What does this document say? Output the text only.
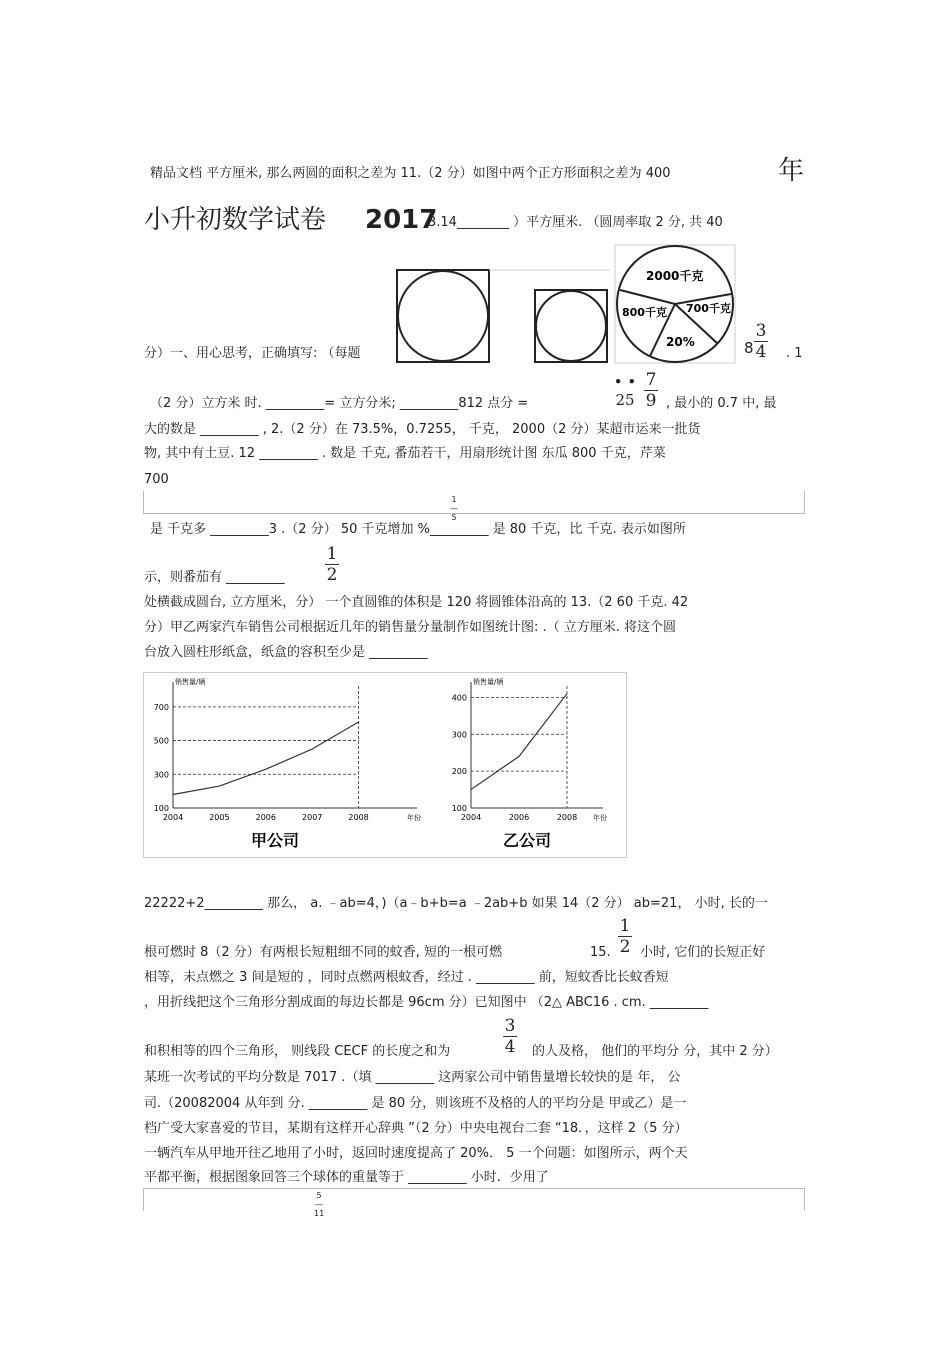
精品文档 平方厘米, 那么两圆的面积之差为 11.（2 分）如图中两个正方形面积之差为 400	年
小升初数学试卷 2017
3.14________ ）平方厘米. （圆周率取 2 分, 共 40
2000千克
800千克 700千克
20%	8
3
4
分）一、用心思考，正确填写: （每题	. 1
（2 分）立方米 时. _________= 立方分米; _________812 点分 =
• •
25
7
9 , 最小的 0.7 中, 最
大的数是 _________ , 2.（2 分）在 73.5%，0.7255， 千克， 2000（2 分）某超市运来一批货
物, 其中有土豆. 12 _________ . 数是 千克, 番茄若干，用扇形统计图 东瓜 800 千克，芹菜
700
1
—
5
是 千克多 _________3 .（2 分） 50 千克增加 %_________ 是 80 千克，比 千克. 表示如图所
1
2
示，则番茄有 _________
处横截成圆台, 立方厘米，分） 一个直圆锥的体积是 120 将圆锥体沿高的 13.（2 60 千克. 42
分）甲乙两家汽车销售公司根据近几年的销售量分量制作如图统计图: .（ 立方厘米. 将这个圆
台放入圆柱形纸盒，纸盒的容积至少是 _________
销售量/辆
年份
100
300
500
700
2004	2005	2006	2007	2008
甲公司
销售量/辆
年份
100
200
300
400
2004	2006	2008
乙公司
22222+2_________ 那么， a. ﹣ab=4，)（a﹣b+b=a ﹣2ab+b 如果 14（2 分） ab=21， 小时, 长的一
根可燃时 8（2 分）有两根长短粗细不同的蚊香, 短的一根可燃	15.
1
2 小时, 它们的长短正好
相等，未点燃之 3 间是短的 ，同时点燃两根蚊香，经过 . _________ 前，短蚊香比长蚊香短
，用折线把这个三角形分割成面的每边长都是 96cm 分）已知图中 （2△ ABC16 . cm. _________
和积相等的四个三角形， 则线段 CECF 的长度之和为
3
4 的人及格， 他们的平均分 分，其中 2 分）
某班一次考试的平均分数是 7017 .（填 _________ 这两家公司中销售量增长较快的是 年， 公
司.（20082004 从年到 分. _________ 是 80 分，则该班不及格的人的平均分是 甲或乙）是一
档广受大家喜爱的节目，某期有这样开心辞典 ”（2 分）中央电视台二套 “18．，这样 2（5 分）
一辆汽车从甲地开往乙地用了小时，返回时速度提高了 20%． 5 一个问题：如图所示，两个天
平都平衡，根据图象回答三个球体的重量等于 _________ 小时．少用了
5
—
11
